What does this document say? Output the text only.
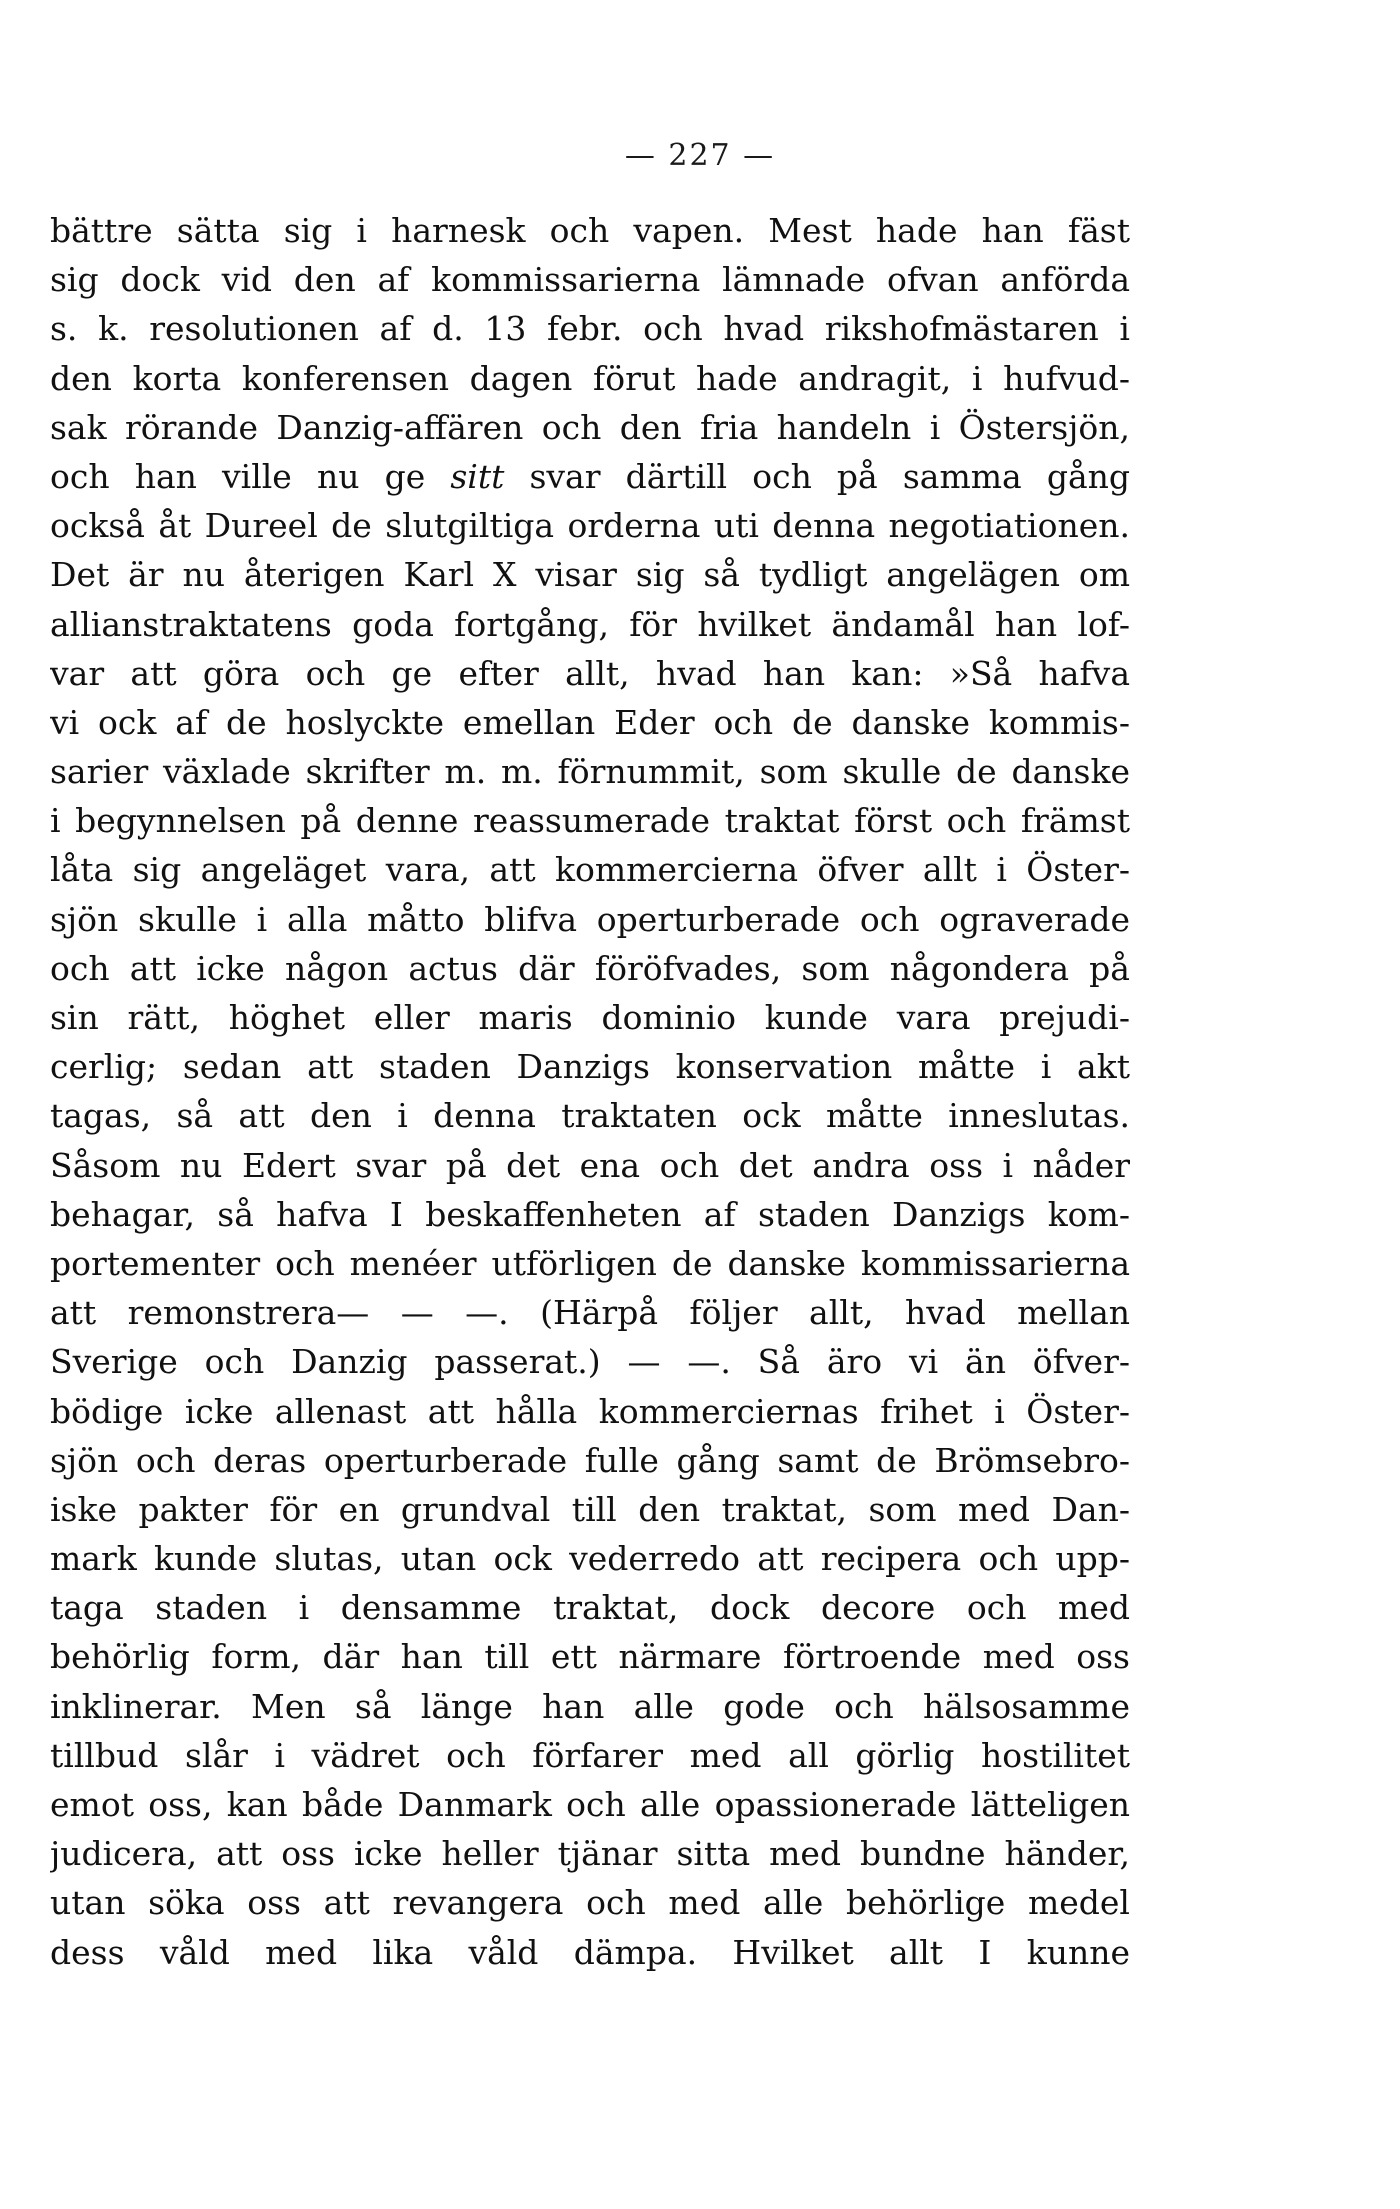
— 227 —
bättre sätta sig i harnesk och vapen. Mest hade han fäst
sig dock vid den af kommissarierna lämnade ofvan anförda
s. k. resolutionen af d. 13 febr. och hvad rikshofmästaren i
den korta konferensen dagen förut hade andragit, i hufvud-
sak rörande Danzig-affären och den fria handeln i Östersjön,
och han ville nu ge sitt svar därtill och på samma gång
också åt Dureel de slutgiltiga orderna uti denna negotiationen.
Det är nu återigen Karl X visar sig så tydligt angelägen om
allianstraktatens goda fortgång, för hvilket ändamål han lof-
var att göra och ge efter allt, hvad han kan: »Så hafva
vi ock af de hoslyckte emellan Eder och de danske kommis-
sarier växlade skrifter m. m. förnummit, som skulle de danske
i begynnelsen på denne reassumerade traktat först och främst
låta sig angeläget vara, att kommercierna öfver allt i Öster-
sjön skulle i alla måtto blifva operturberade och ograverade
och att icke någon actus där föröfvades, som någondera på
sin rätt, höghet eller maris dominio kunde vara prejudi-
cerlig; sedan att staden Danzigs konservation måtte i akt
tagas, så att den i denna traktaten ock måtte inneslutas.
Såsom nu Edert svar på det ena och det andra oss i nåder
behagar, så hafva I beskaffenheten af staden Danzigs kom-
portementer och menéer utförligen de danske kommissarierna
att remonstrera— — —. (Härpå följer allt, hvad mellan
Sverige och Danzig passerat.) — —. Så äro vi än öfver-
bödige icke allenast att hålla kommerciernas frihet i Öster-
sjön och deras operturberade fulle gång samt de Brömsebro-
iske pakter för en grundval till den traktat, som med Dan-
mark kunde slutas, utan ock vederredo att recipera och upp-
taga staden i densamme traktat, dock decore och med
behörlig form, där han till ett närmare förtroende med oss
inklinerar. Men så länge han alle gode och hälsosamme
tillbud slår i vädret och förfarer med all görlig hostilitet
emot oss, kan både Danmark och alle opassionerade lätteligen
judicera, att oss icke heller tjänar sitta med bundne händer,
utan söka oss att revangera och med alle behörlige medel
dess våld med lika våld dämpa. Hvilket allt I kunne
